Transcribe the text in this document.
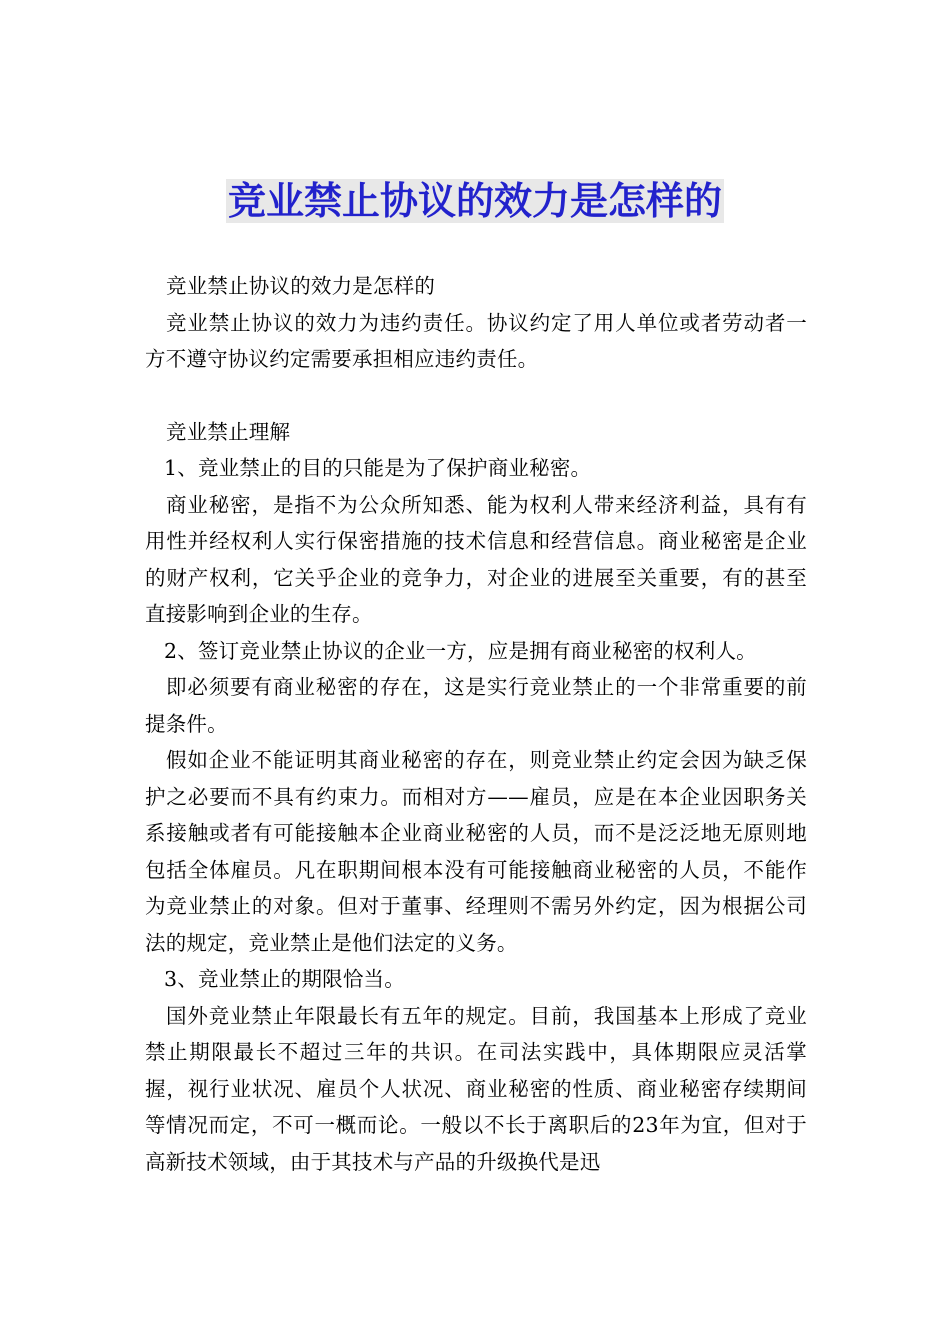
竞业禁止协议的效力是怎样的

竞业禁止协议的效力是怎样的

竞业禁止协议的效力为违约责任。协议约定了用人单位或者劳动者一方不遵守协议约定需要承担相应违约责任。

竞业禁止理解

1、竞业禁止的目的只能是为了保护商业秘密。

商业秘密，是指不为公众所知悉、能为权利人带来经济利益，具有有用性并经权利人实行保密措施的技术信息和经营信息。商业秘密是企业的财产权利，它关乎企业的竞争力，对企业的进展至关重要，有的甚至直接影响到企业的生存。

2、签订竞业禁止协议的企业一方，应是拥有商业秘密的权利人。

即必须要有商业秘密的存在，这是实行竞业禁止的一个非常重要的前提条件。

假如企业不能证明其商业秘密的存在，则竞业禁止约定会因为缺乏保护之必要而不具有约束力。而相对方——雇员，应是在本企业因职务关系接触或者有可能接触本企业商业秘密的人员，而不是泛泛地无原则地包括全体雇员。凡在职期间根本没有可能接触商业秘密的人员，不能作为竞业禁止的对象。但对于董事、经理则不需另外约定，因为根据公司法的规定，竞业禁止是他们法定的义务。

3、竞业禁止的期限恰当。

国外竞业禁止年限最长有五年的规定。目前，我国基本上形成了竞业禁止期限最长不超过三年的共识。在司法实践中，具体期限应灵活掌握，视行业状况、雇员个人状况、商业秘密的性质、商业秘密存续期间等情况而定，不可一概而论。一般以不长于离职后的23年为宜，但对于高新技术领域，由于其技术与产品的升级换代是迅
